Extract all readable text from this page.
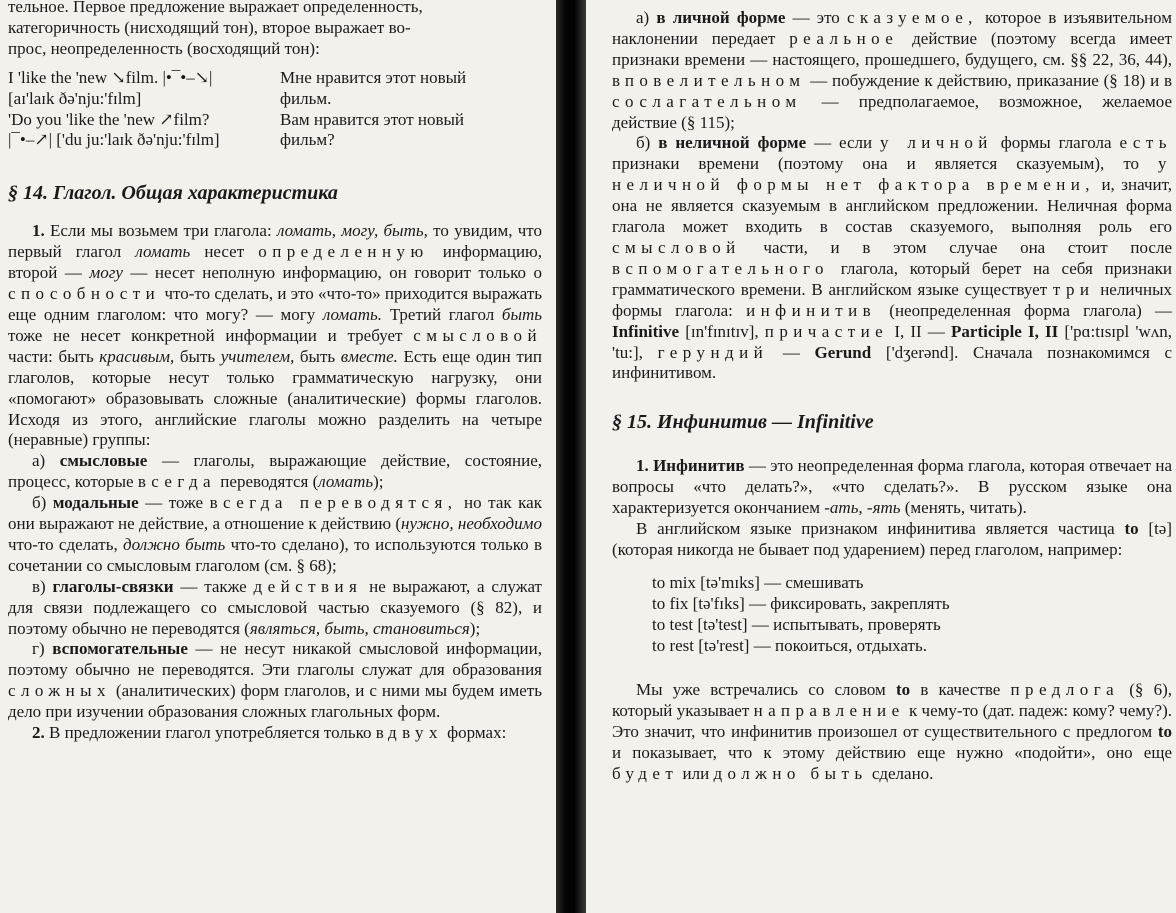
тельное. Первое предложение выражает определенность,

категоричность (нисходящий тон), второе выражает во-

прос, неопределенность (восходящий тон):

I 'like the 'new ↘film. |•¯•–↘|	Мне нравится этот новый
[aɪ'laɪk ðə'nju:'fɪlm]	фильм.
'Do you 'like the 'new ↗film?	Вам нравится этот новый
|¯•–↗| ['du ju:'laɪk ðə'nju:'fɪlm]	фильм?
§ 14. Глагол. Общая характеристика

1. Если мы возьмем три глагола: ломать, могу, быть, то увидим, что первый глагол ломать несет определенную информацию, второй — могу — несет неполную информацию, он говорит только о способности что-то сделать, и это «что-то» приходится выражать еще одним глаголом: что могу? — могу ломать. Третий глагол быть тоже не несет конкретной информации и требует смысловой части: быть красивым, быть учителем, быть вместе. Есть еще один тип глаголов, которые несут только грамматическую нагрузку, они «помогают» образовывать сложные (аналитические) формы глаголов. Исходя из этого, английские глаголы можно разделить на четыре (неравные) группы:

а) смысловые — глаголы, выражающие действие, состояние, процесс, которые всегда переводятся (ломать);

б) модальные — тоже всегда переводятся, но так как они выражают не действие, а отношение к действию (нужно, необходимо что-то сделать, должно быть что-то сделано), то используются только в сочетании со смысловым глаголом (см. § 68);

в) глаголы-связки — также действия не выражают, а служат для связи подлежащего со смысловой частью сказуемого (§ 82), и поэтому обычно не переводятся (являться, быть, становиться);

г) вспомогательные — не несут никакой смысловой информации, поэтому обычно не переводятся. Эти глаголы служат для образования сложных (аналитических) форм глаголов, и с ними мы будем иметь дело при изучении образования сложных глагольных форм.

2. В предложении глагол употребляется только в двух формах:

а) в личной форме — это сказуемое, которое в изъявительном наклонении передает реальное действие (поэтому всегда имеет признаки времени — настоящего, прошедшего, будущего, см. §§ 22, 36, 44), в повелительном — побуждение к действию, приказание (§ 18) и в сослагательном — предполагаемое, возможное, желаемое действие (§ 115);

б) в неличной форме — если у личной формы глагола есть признаки времени (поэтому она и является сказуемым), то у неличной формы нет фактора времени, и, значит, она не является сказуемым в английском предложении. Неличная форма глагола может входить в состав сказуемого, выполняя роль его смысловой части, и в этом случае она стоит после вспомогательного глагола, который берет на себя признаки грамматического времени. В английском языке существует три неличных формы глагола: инфинитив (неопределенная форма глагола) — Infinitive [ɪn'fɪnɪtɪv], причастие I, II — Participle I, II ['pɑ:tɪsɪpl 'wʌn, 'tu:], герундий — Gerund ['dʒerənd]. Сначала познакомимся с инфинитивом.

§ 15. Инфинитив — Infinitive

1. Инфинитив — это неопределенная форма глагола, которая отвечает на вопросы «что делать?», «что сделать?». В русском языке она характеризуется окончанием -ать, -ять (менять, читать).

В английском языке признаком инфинитива является частица to [tə] (которая никогда не бывает под ударением) перед глаголом, например:

to mix [tə'mɪks] — смешивать
to fix [tə'fɪks] — фиксировать, закреплять
to test [tə'test] — испытывать, проверять
to rest [tə'rest] — покоиться, отдыхать.

Мы уже встречались со словом to в качестве предлога (§ 6), который указывает направление к чему-то (дат. падеж: кому? чему?). Это значит, что инфинитив произошел от существительного с предлогом to и показывает, что к этому действию еще нужно «подойти», оно еще будет или должно быть сделано.
